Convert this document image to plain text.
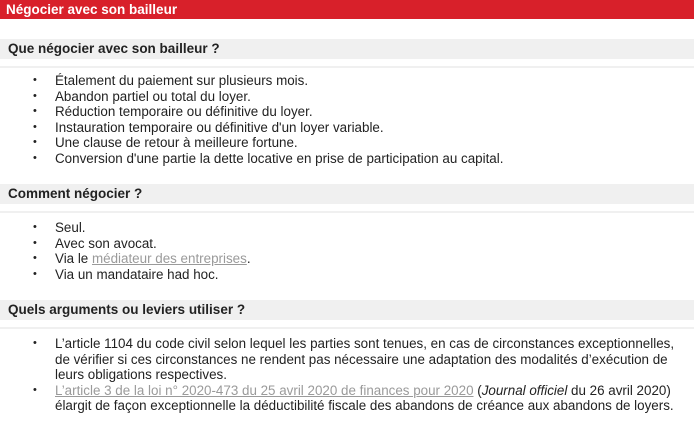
Négocier avec son bailleur
Que négocier avec son bailleur ?
• Étalement du paiement sur plusieurs mois.
• Abandon partiel ou total du loyer.
• Réduction temporaire ou définitive du loyer.
• Instauration temporaire ou définitive d'un loyer variable.
• Une clause de retour à meilleure fortune.
• Conversion d'une partie la dette locative en prise de participation au capital.
Comment négocier ?
• Seul.
• Avec son avocat.
• Via le médiateur des entreprises.
• Via un mandataire had hoc.
Quels arguments ou leviers utiliser ?
• L’article 1104 du code civil selon lequel les parties sont tenues, en cas de circonstances exceptionnelles, de vérifier si ces circonstances ne rendent pas nécessaire une adaptation des modalités d’exécution de leurs obligations respectives.
• L’article 3 de la loi n° 2020-473 du 25 avril 2020 de finances pour 2020 (Journal officiel du 26 avril 2020) élargit de façon exceptionnelle la déductibilité fiscale des abandons de créance aux abandons de loyers.
